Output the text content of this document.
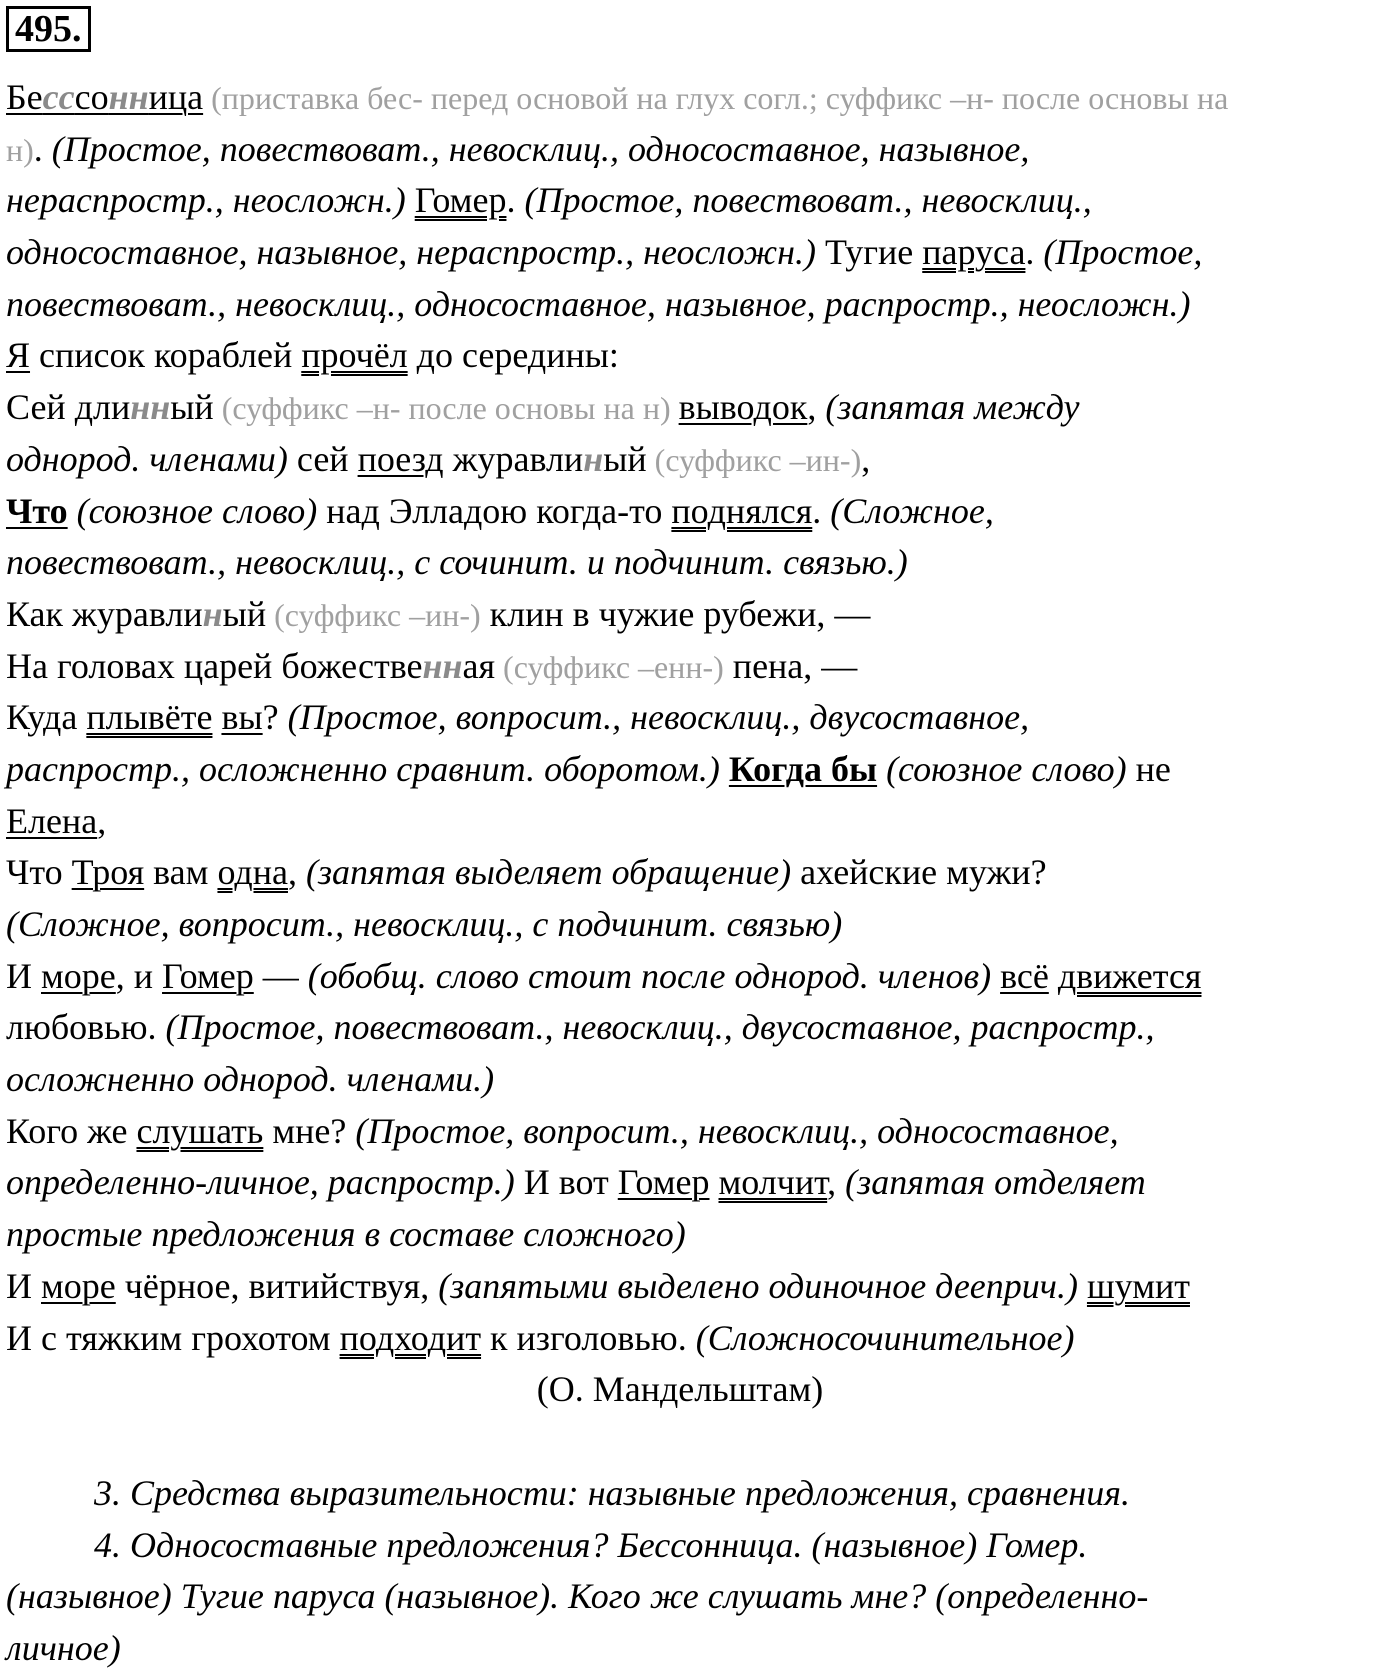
495.
Бесссонница (приставка бес- перед основой на глух согл.; суффикс –н- после основы на
н). (Простое, повествоват., невосклиц., односоставное, назывное,
нераспростр., неосложн.) Гомер. (Простое, повествоват., невосклиц.,
односоставное, назывное, нераспростр., неосложн.) Тугие паруса. (Простое,
повествоват., невосклиц., односоставное, назывное, распростр., неосложн.)
Я список кораблей прочёл до середины:
Сей длинный (суффикс –н- после основы на н) выводок, (запятая между
однород. членами) сей поезд журавлиный (суффикс –ин-),
Что (союзное слово) над Элладою когда-то поднялся. (Сложное,
повествоват., невосклиц., с сочинит. и подчинит. связью.)
Как журавлиный (суффикс –ин-) клин в чужие рубежи, —
На головах царей божественная (суффикс –енн-) пена, —
Куда плывёте вы? (Простое, вопросит., невосклиц., двусоставное,
распростр., осложненно сравнит. оборотом.) Когда бы (союзное слово) не
Елена,
Что Троя вам одна, (запятая выделяет обращение) ахейские мужи?
(Сложное, вопросит., невосклиц., с подчинит. связью)
И море, и Гомер — (обобщ. слово стоит после однород. членов) всё движется
любовью. (Простое, повествоват., невосклиц., двусоставное, распростр.,
осложненно однород. членами.)
Кого же слушать мне? (Простое, вопросит., невосклиц., односоставное,
определенно-личное, распростр.) И вот Гомер молчит, (запятая отделяет
простые предложения в составе сложного)
И море чёрное, витийствуя, (запятыми выделено одиночное дееприч.) шумит
И с тяжким грохотом подходит к изголовью. (Сложносочинительное)
(О. Мандельштам)
3. Средства выразительности: назывные предложения, сравнения.
4. Односоставные предложения? Бессонница. (назывное) Гомер.
(назывное) Тугие паруса (назывное). Кого же слушать мне? (определенно-
личное)
